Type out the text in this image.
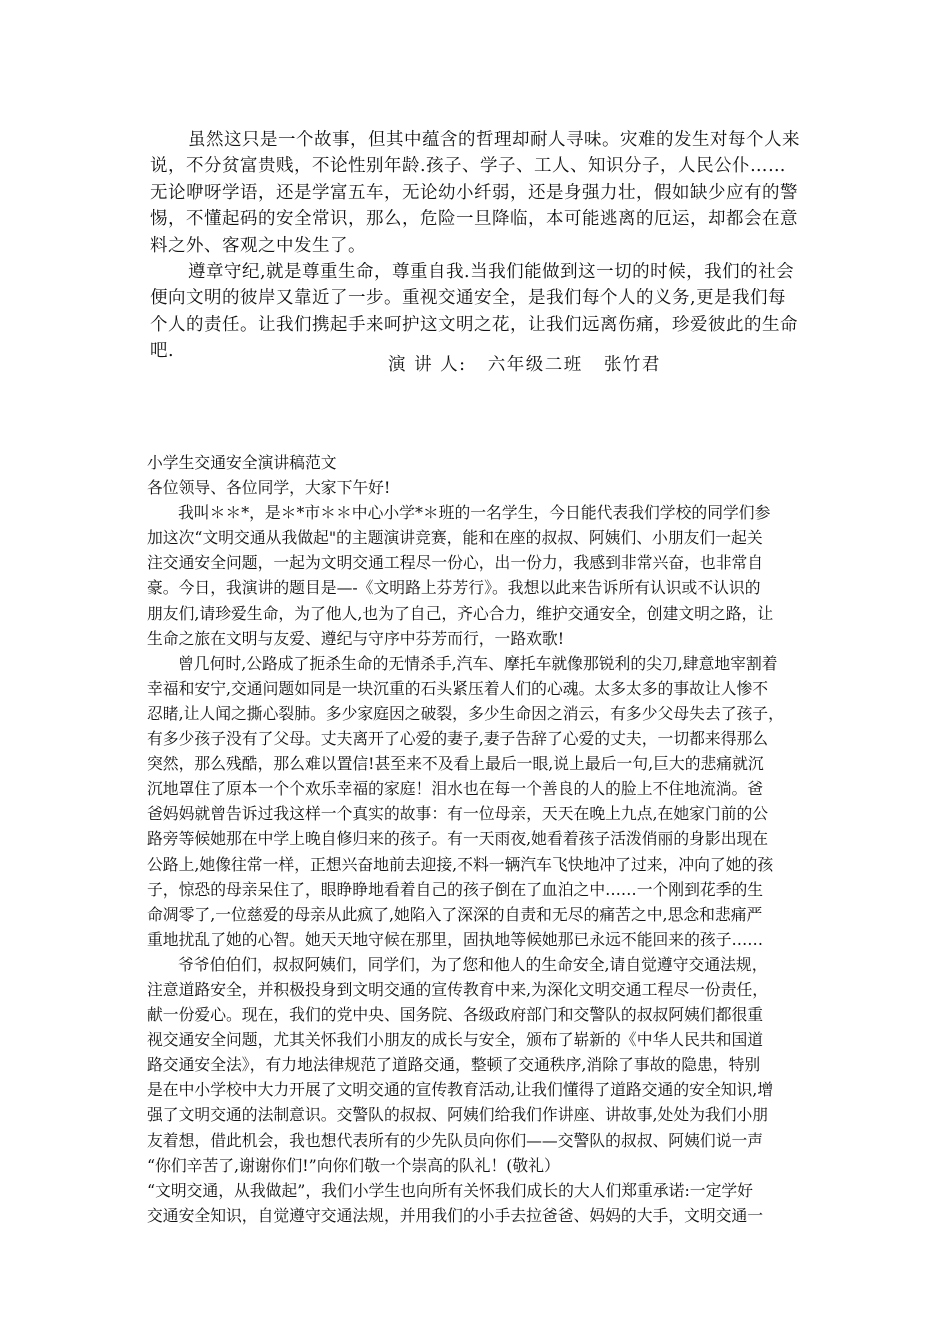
虽然这只是一个故事，但其中蕴含的哲理却耐人寻味。灾难的发生对每个人来说，不分贫富贵贱，不论性别年龄.孩子、学子、工人、知识分子，人民公仆……无论咿呀学语，还是学富五车，无论幼小纤弱，还是身强力壮，假如缺少应有的警惕，不懂起码的安全常识，那么，危险一旦降临，本可能逃离的厄运，却都会在意料之外、客观之中发生了。

遵章守纪,就是尊重生命，尊重自我.当我们能做到这一切的时候，我们的社会便向文明的彼岸又靠近了一步。重视交通安全，是我们每个人的义务,更是我们每个人的责任。让我们携起手来呵护这文明之花，让我们远离伤痛，珍爱彼此的生命吧.

演 讲 人:   六年级二班   张竹君

小学生交通安全演讲稿范文

各位领导、各位同学，大家下午好!

我叫＊＊*，是＊*市＊＊中心小学*＊班的一名学生，今日能代表我们学校的同学们参

加这次“文明交通从我做起"的主题演讲竞赛，能和在座的叔叔、阿姨们、小朋友们一起关

注交通安全问题，一起为文明交通工程尽一份心，出一份力，我感到非常兴奋，也非常自

豪。今日，我演讲的题目是—-《文明路上芬芳行》。我想以此来告诉所有认识或不认识的

朋友们,请珍爱生命，为了他人,也为了自己，齐心合力，维护交通安全，创建文明之路，让

生命之旅在文明与友爱、遵纪与守序中芬芳而行，一路欢歌!

曾几何时,公路成了扼杀生命的无情杀手,汽车、摩托车就像那锐利的尖刀,肆意地宰割着

幸福和安宁,交通问题如同是一块沉重的石头紧压着人们的心魂。太多太多的事故让人惨不

忍睹,让人闻之撕心裂肺。多少家庭因之破裂，多少生命因之消云，有多少父母失去了孩子，

有多少孩子没有了父母。丈夫离开了心爱的妻子,妻子告辞了心爱的丈夫，一切都来得那么

突然，那么残酷，那么难以置信!甚至来不及看上最后一眼,说上最后一句,巨大的悲痛就沉

沉地罩住了原本一个个欢乐幸福的家庭！泪水也在每一个善良的人的脸上不住地流淌。爸

爸妈妈就曾告诉过我这样一个真实的故事：有一位母亲，天天在晚上九点,在她家门前的公

路旁等候她那在中学上晚自修归来的孩子。有一天雨夜,她看着孩子活泼俏丽的身影出现在

公路上,她像往常一样，正想兴奋地前去迎接,不料一辆汽车飞快地冲了过来，冲向了她的孩

子，惊恐的母亲呆住了，眼睁睁地看着自己的孩子倒在了血泊之中……一个刚到花季的生

命凋零了,一位慈爱的母亲从此疯了,她陷入了深深的自责和无尽的痛苦之中,思念和悲痛严

重地扰乱了她的心智。她天天地守候在那里，固执地等候她那已永远不能回来的孩子……

爷爷伯伯们，叔叔阿姨们，同学们，为了您和他人的生命安全,请自觉遵守交通法规，

注意道路安全，并积极投身到文明交通的宣传教育中来,为深化文明交通工程尽一份责任，

献一份爱心。现在，我们的党中央、国务院、各级政府部门和交警队的叔叔阿姨们都很重

视交通安全问题，尤其关怀我们小朋友的成长与安全，颁布了崭新的《中华人民共和国道

路交通安全法》，有力地法律规范了道路交通，整顿了交通秩序,消除了事故的隐患，特别

是在中小学校中大力开展了文明交通的宣传教育活动,让我们懂得了道路交通的安全知识,增

强了文明交通的法制意识。交警队的叔叔、阿姨们给我们作讲座、讲故事,处处为我们小朋

友着想，借此机会，我也想代表所有的少先队员向你们——交警队的叔叔、阿姨们说一声

“你们辛苦了,谢谢你们!”向你们敬一个崇高的队礼！(敬礼）

“文明交通，从我做起”，我们小学生也向所有关怀我们成长的大人们郑重承诺:一定学好

交通安全知识，自觉遵守交通法规，并用我们的小手去拉爸爸、妈妈的大手，文明交通一
